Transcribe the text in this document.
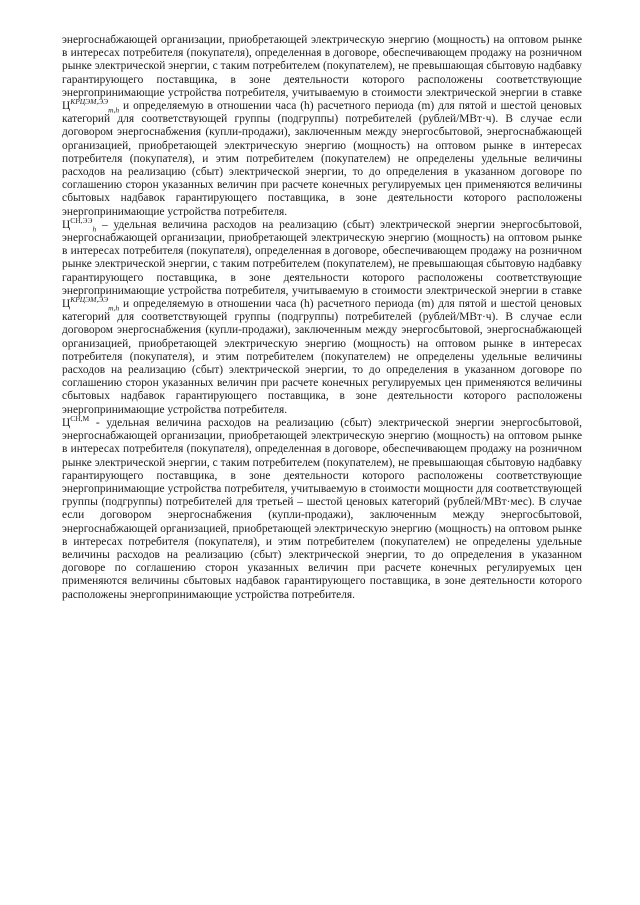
энергоснабжающей организации, приобретающей электрическую энергию (мощность) на оптовом рынке в интересах потребителя (покупателя), определенная в договоре, обеспечивающем продажу на розничном рынке электрической энергии, с таким потребителем (покупателем), не превышающая сбытовую надбавку гарантирующего поставщика, в зоне деятельности которого расположены соответствующие энергопринимающие устройства потребителя, учитываемую в стоимости электрической энергии в ставке $Ц^{КРЦЭМ,ЭЭ}_{m,h}$ и определяемую в отношении часа (h) расчетного периода (m) для пятой и шестой ценовых категорий для соответствующей группы (подгруппы) потребителей (рублей/МВт·ч). В случае если договором энергоснабжения (купли-продажи), заключенным между энергосбытовой, энергоснабжающей организацией, приобретающей электрическую энергию (мощность) на оптовом рынке в интересах потребителя (покупателя), и этим потребителем (покупателем) не определены удельные величины расходов на реализацию (сбыт) электрической энергии, то до определения в указанном договоре по соглашению сторон указанных величин при расчете конечных регулируемых цен применяются величины сбытовых надбавок гарантирующего поставщика, в зоне деятельности которого расположены энергопринимающие устройства потребителя.

$Ц^{СН,ЭЭ}_h$ – удельная величина расходов на реализацию (сбыт) электрической энергии энергосбытовой, энергоснабжающей организации, приобретающей электрическую энергию (мощность) на оптовом рынке в интересах потребителя (покупателя), определенная в договоре, обеспечивающем продажу на розничном рынке электрической энергии, с таким потребителем (покупателем), не превышающая сбытовую надбавку гарантирующего поставщика, в зоне деятельности которого расположены соответствующие энергопринимающие устройства потребителя, учитываемую в стоимости электрической энергии в ставке $Ц^{КРЦЭМ,ЭЭ}_{m,h}$ и определяемую в отношении часа (h) расчетного периода (m) для пятой и шестой ценовых категорий для соответствующей группы (подгруппы) потребителей (рублей/МВт·ч). В случае если договором энергоснабжения (купли-продажи), заключенным между энергосбытовой, энергоснабжающей организацией, приобретающей электрическую энергию (мощность) на оптовом рынке в интересах потребителя (покупателя), и этим потребителем (покупателем) не определены удельные величины расходов на реализацию (сбыт) электрической энергии, то до определения в указанном договоре по соглашению сторон указанных величин при расчете конечных регулируемых цен применяются величины сбытовых надбавок гарантирующего поставщика, в зоне деятельности которого расположены энергопринимающие устройства потребителя.

$Ц^{СН,М}$ - удельная величина расходов на реализацию (сбыт) электрической энергии энергосбытовой, энергоснабжающей организации, приобретающей электрическую энергию (мощность) на оптовом рынке в интересах потребителя (покупателя), определенная в договоре, обеспечивающем продажу на розничном рынке электрической энергии, с таким потребителем (покупателем), не превышающая сбытовую надбавку гарантирующего поставщика, в зоне деятельности которого расположены соответствующие энергопринимающие устройства потребителя, учитываемую в стоимости мощности для соответствующей группы (подгруппы) потребителей для третьей – шестой ценовых категорий (рублей/МВт·мес). В случае если договором энергоснабжения (купли-продажи), заключенным между энергосбытовой, энергоснабжающей организацией, приобретающей электрическую энергию (мощность) на оптовом рынке в интересах потребителя (покупателя), и этим потребителем (покупателем) не определены удельные величины расходов на реализацию (сбыт) электрической энергии, то до определения в указанном договоре по соглашению сторон указанных величин при расчете конечных регулируемых цен применяются величины сбытовых надбавок гарантирующего поставщика, в зоне деятельности которого расположены энергопринимающие устройства потребителя.
